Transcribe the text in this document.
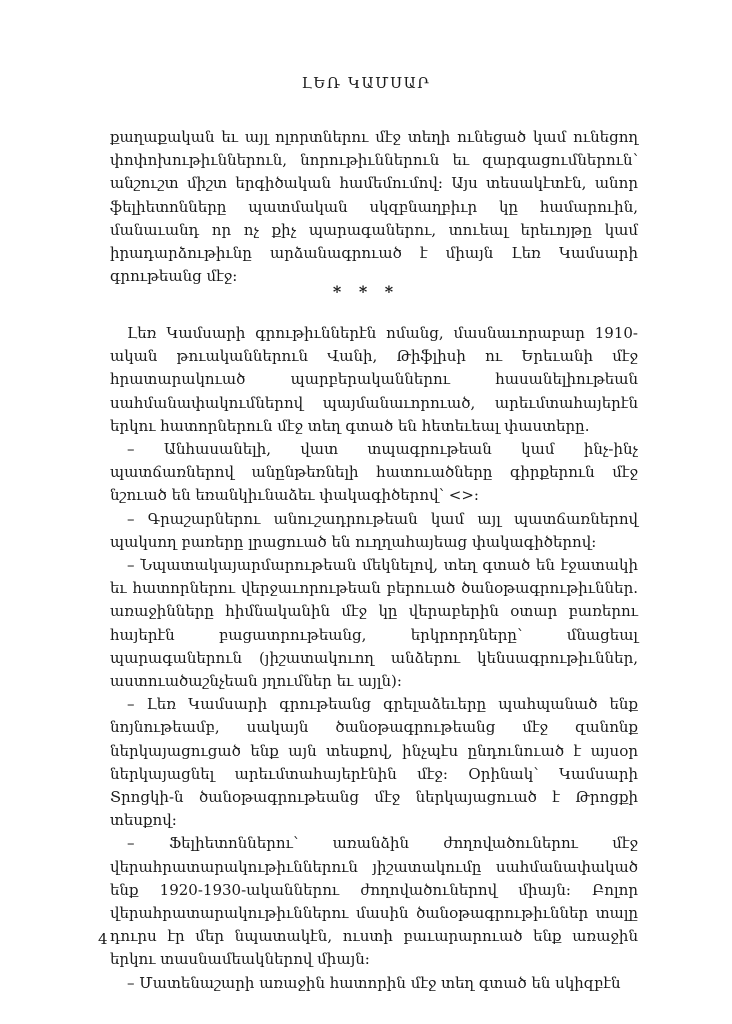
ԼԵՌ ԿԱՄՍԱՐ

քաղաքական եւ այլ ոլորտներու մէջ տեղի ունեցած կամ ունեցող փոփոխութիւններուն, նորութիւններուն եւ զարգացումներուն՝ անշուշտ միշտ երգիծական համեմումով: Այս տեսակէտէն, անոր ֆելիետոնները պատմական սկզբնաղբիւր կը համարուին, մանաւանդ որ ոչ քիչ պարագաներու, տուեալ երեւոյթը կամ իրադարձութիւնը արձանագրուած է միայն Լեռ Կամսարի գրութեանց մէջ:

* * *

Լեռ Կամսարի գրութիւններէն ոմանց, մասնաւորաբար 1910-ական թուականներուն Վանի, Թիֆլիսի ու Երեւանի մէջ հրատարակուած պարբերականներու հասանելիութեան սահմանափակումներով պայմանաւորուած, արեւմտահայերէն երկու հատորներուն մէջ տեղ գտած են հետեւեալ փաստերը.

– Անհասանելի, վատ տպագրութեան կամ ինչ-ինչ պատճառներով անընթեռնելի հատուածները գիրքերուն մէջ նշուած են եռանկիւնաձեւ փակագիծերով՝ <>:

– Գրաշարներու անուշադրութեան կամ այլ պատճառներով պակսող բառերը լրացուած են ուղղահայեաց փակագիծերով:

– Նպատակայարմարութեան մեկնելով, տեղ գտած են էջատակի եւ հատորներու վերջաւորութեան բերուած ծանօթագրութիւններ. առաջինները հիմնականին մէջ կը վերաբերին օտար բառերու հայերէն բացատրութեանց, երկրորդները՝ մնացեալ պարագաներուն (յիշատակուող անձերու կենսագրութիւններ, աստուածաշնչեան յղումներ եւ այլն):

– Լեռ Կամսարի գրութեանց գրելաձեւերը պահպանած ենք նոյնութեամբ, սակայն ծանօթագրութեանց մէջ զանոնք ներկայացուցած ենք այն տեսքով, ինչպէս ընդունուած է այսօր ներկայացնել արեւմտահայերէնին մէջ: Օրինակ՝ Կամսարի Տրոցկի-ն ծանօթագրութեանց մէջ ներկայացուած է Թրոցքի տեսքով:

– Ֆելիետոններու՝ առանձին ժողովածուներու մէջ վերահրատարակութիւններուն յիշատակումը սահմանափակած ենք 1920-1930-ականներու ժողովածուներով միայն: Բոլոր վերահրատարակութիւններու մասին ծանօթագրութիւններ տալը դուրս էր մեր նպատակէն, ուստի բաւարարուած ենք առաջին երկու տասնամեակներով միայն:

– Մատենաշարի առաջին հատորին մէջ տեղ գտած են սկիզբէն

4
